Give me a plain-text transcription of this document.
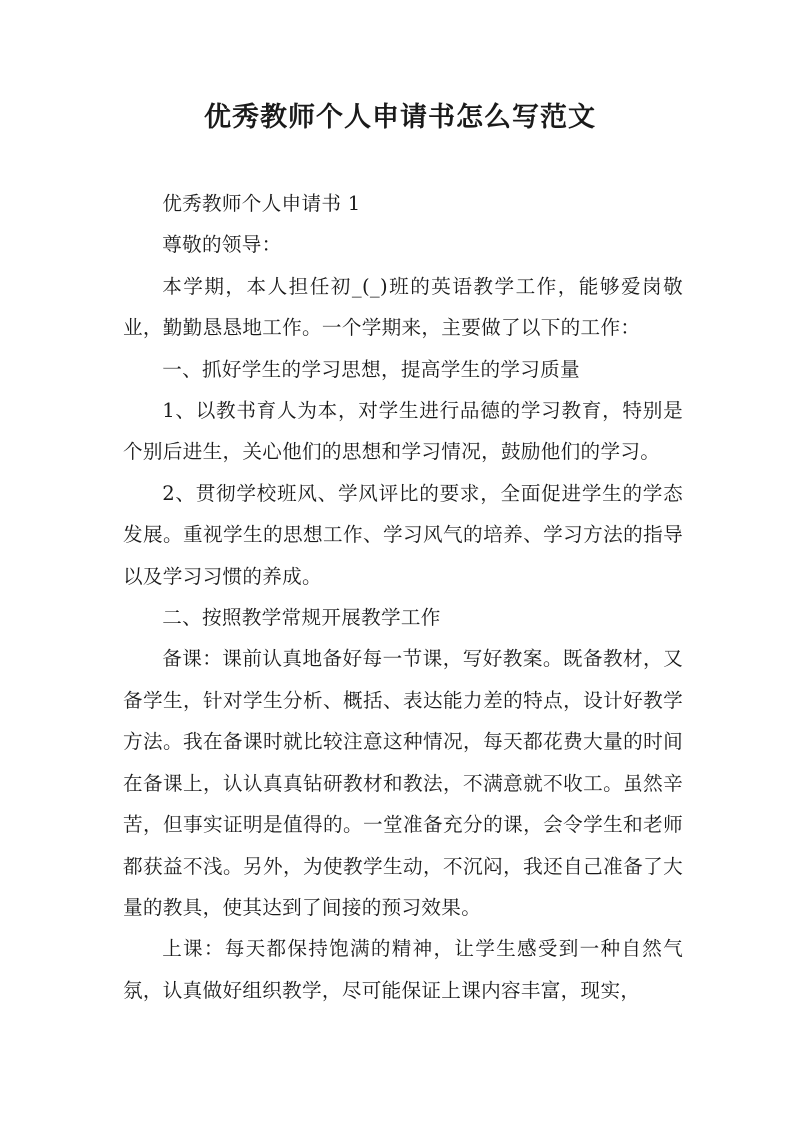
优秀教师个人申请书怎么写范文

优秀教师个人申请书 1

尊敬的领导：

本学期，本人担任初_(_)班的英语教学工作，能够爱岗敬业，勤勤恳恳地工作。一个学期来，主要做了以下的工作：

一、抓好学生的学习思想，提高学生的学习质量

1、以教书育人为本，对学生进行品德的学习教育，特别是个别后进生，关心他们的思想和学习情况，鼓励他们的学习。

2、贯彻学校班风、学风评比的要求，全面促进学生的学态发展。重视学生的思想工作、学习风气的培养、学习方法的指导以及学习习惯的养成。

二、按照教学常规开展教学工作

备课：课前认真地备好每一节课，写好教案。既备教材，又备学生，针对学生分析、概括、表达能力差的特点，设计好教学方法。我在备课时就比较注意这种情况，每天都花费大量的时间在备课上，认认真真钻研教材和教法，不满意就不收工。虽然辛苦，但事实证明是值得的。一堂准备充分的课，会令学生和老师都获益不浅。另外，为使教学生动，不沉闷，我还自己准备了大量的教具，使其达到了间接的预习效果。

上课：每天都保持饱满的精神，让学生感受到一种自然气氛，认真做好组织教学，尽可能保证上课内容丰富，现实，
